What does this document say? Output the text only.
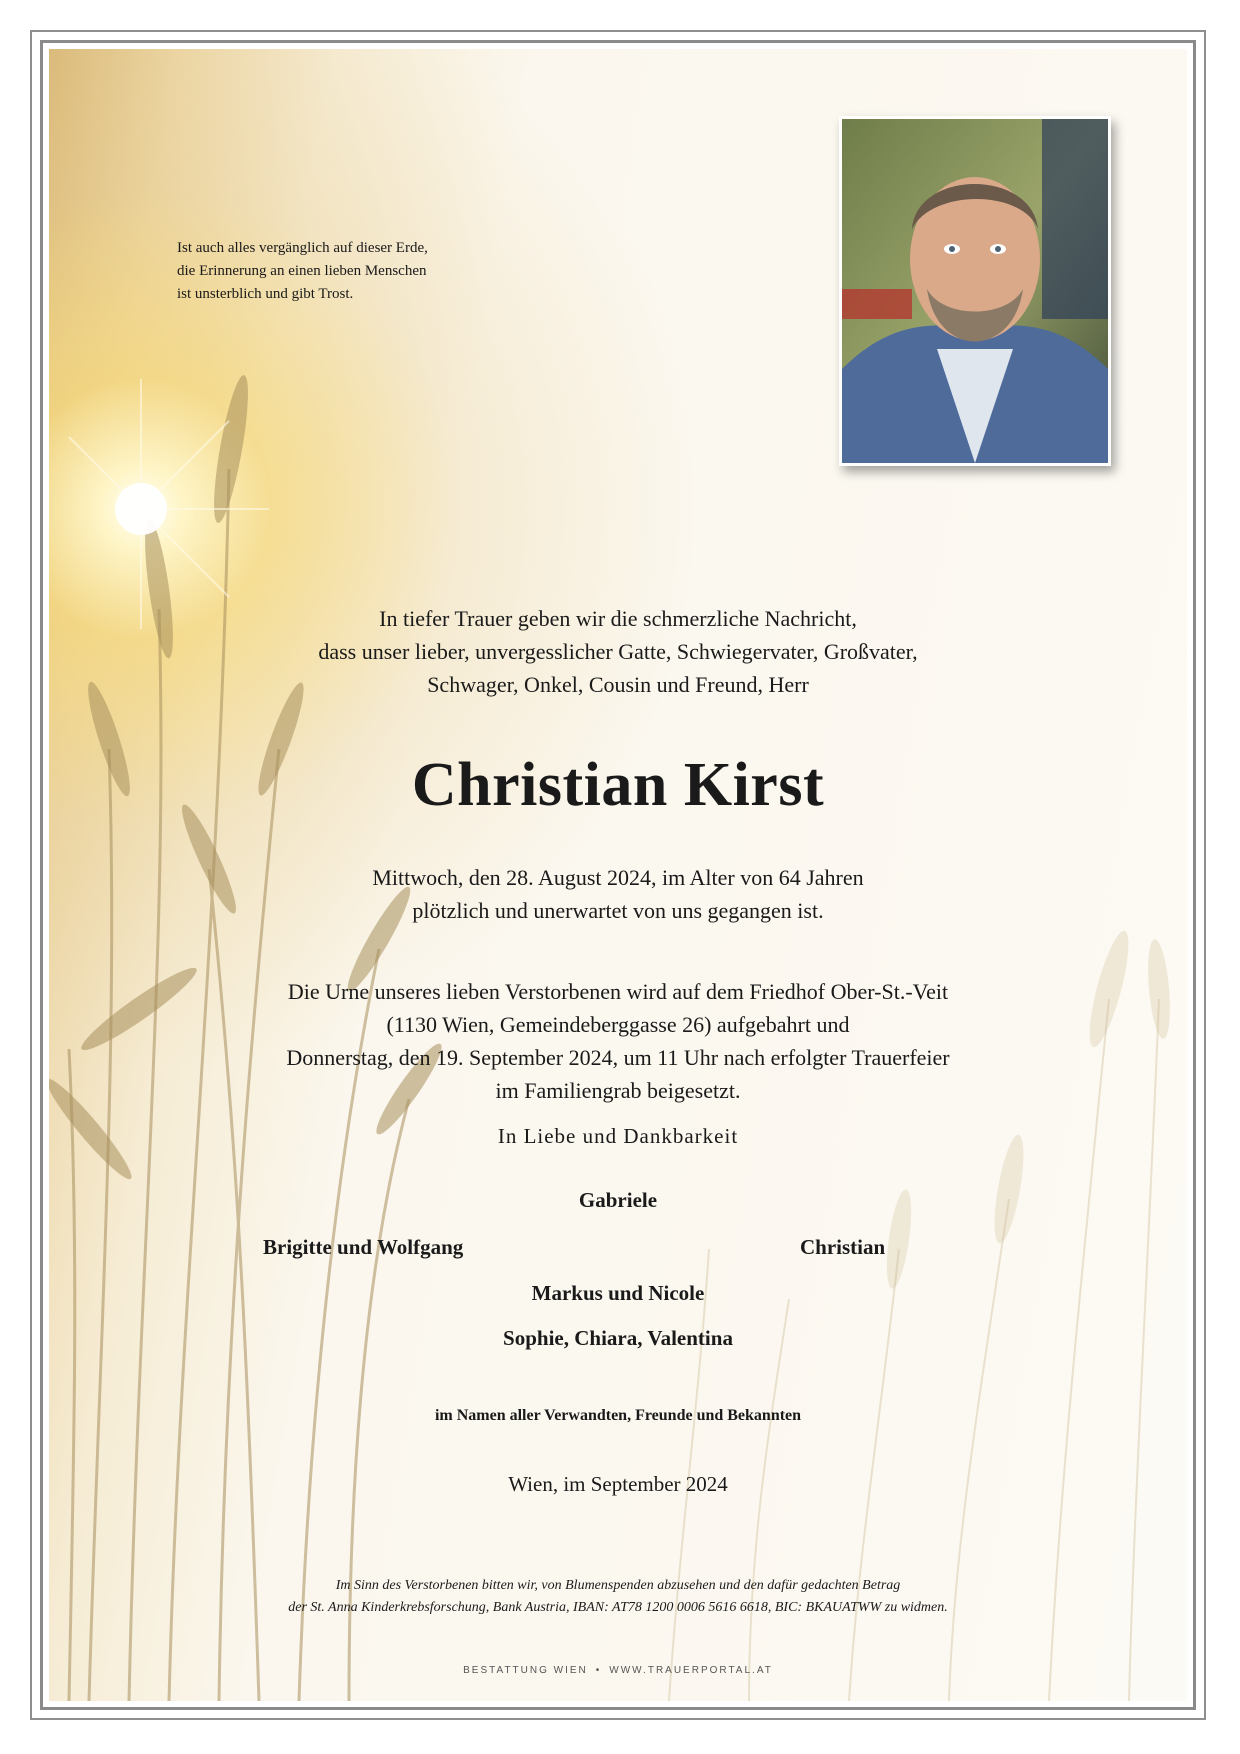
Ist auch alles vergänglich auf dieser Erde,
die Erinnerung an einen lieben Menschen
ist unsterblich und gibt Trost.
In tiefer Trauer geben wir die schmerzliche Nachricht,
dass unser lieber, unvergesslicher Gatte, Schwiegervater, Großvater,
Schwager, Onkel, Cousin und Freund, Herr
Christian Kirst
Mittwoch, den 28. August 2024, im Alter von 64 Jahren
plötzlich und unerwartet von uns gegangen ist.
Die Urne unseres lieben Verstorbenen wird auf dem Friedhof Ober-St.-Veit
(1130 Wien, Gemeindeberggasse 26) aufgebahrt und
Donnerstag, den 19. September 2024, um 11 Uhr nach erfolgter Trauerfeier
im Familiengrab beigesetzt.
In Liebe und Dankbarkeit
Gabriele
Brigitte und Wolfgang	Christian
Markus und Nicole
Sophie, Chiara, Valentina
im Namen aller Verwandten, Freunde und Bekannten
Wien, im September 2024
Im Sinn des Verstorbenen bitten wir, von Blumenspenden abzusehen und den dafür gedachten Betrag
der St. Anna Kinderkrebsforschung, Bank Austria, IBAN: AT78 1200 0006 5616 6618, BIC: BKAUATWW zu widmen.
BESTATTUNG WIEN • WWW.TRAUERPORTAL.AT
